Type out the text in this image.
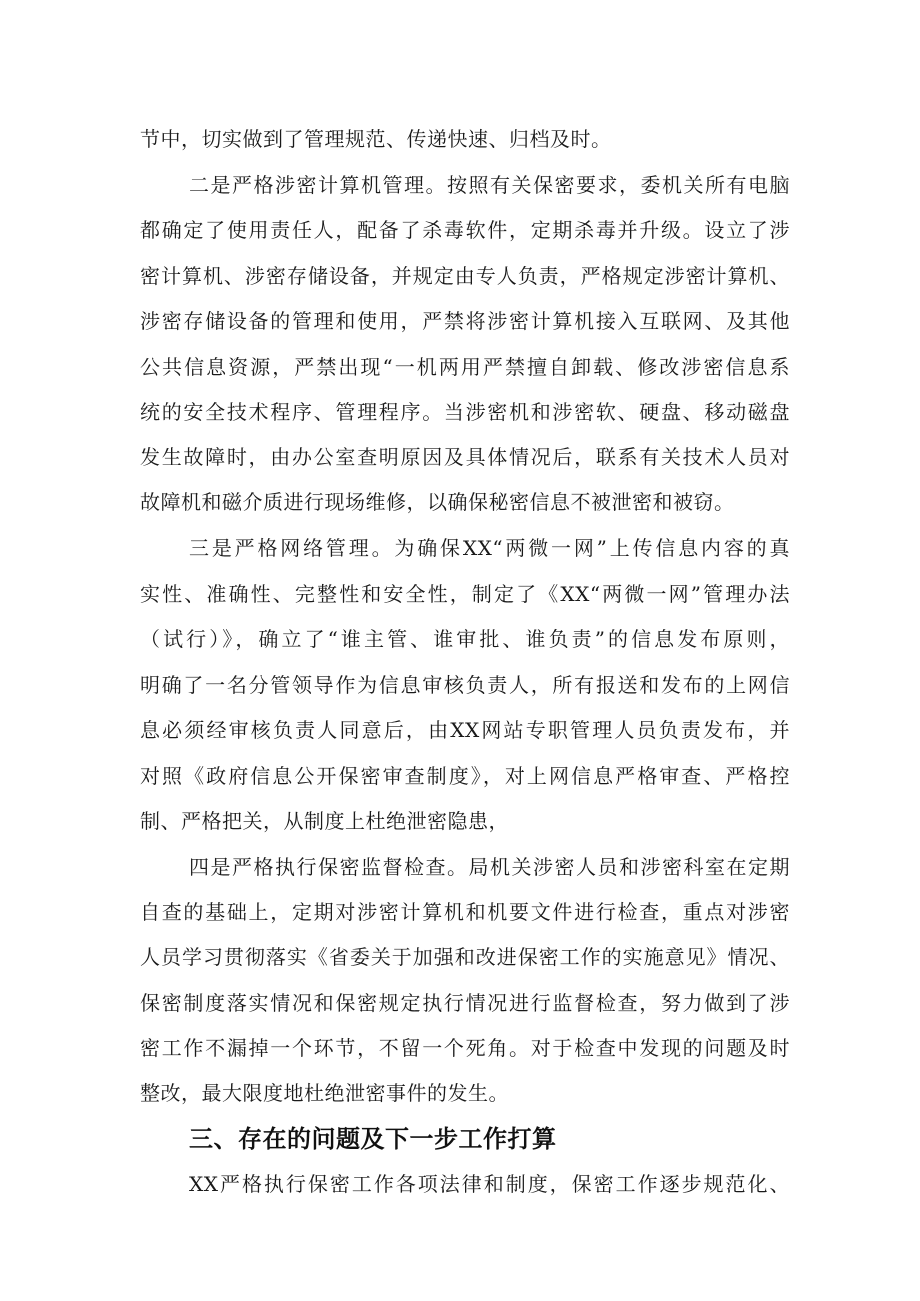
节中，切实做到了管理规范、传递快速、归档及时。

二是严格涉密计算机管理。按照有关保密要求，委机关所有电脑

都确定了使用责任人，配备了杀毒软件，定期杀毒并升级。设立了涉

密计算机、涉密存储设备，并规定由专人负责，严格规定涉密计算机、

涉密存储设备的管理和使用，严禁将涉密计算机接入互联网、及其他

公共信息资源，严禁出现“一机两用严禁擅自卸载、修改涉密信息系

统的安全技术程序、管理程序。当涉密机和涉密软、硬盘、移动磁盘

发生故障时，由办公室查明原因及具体情况后，联系有关技术人员对

故障机和磁介质进行现场维修，以确保秘密信息不被泄密和被窃。

三是严格网络管理。为确保XX“两微一网”上传信息内容的真

实性、准确性、完整性和安全性，制定了《XX“两微一网”管理办法

（试行）》，确立了“谁主管、谁审批、谁负责”的信息发布原则，

明确了一名分管领导作为信息审核负责人，所有报送和发布的上网信

息必须经审核负责人同意后，由XX网站专职管理人员负责发布，并

对照《政府信息公开保密审查制度》，对上网信息严格审查、严格控

制、严格把关，从制度上杜绝泄密隐患，

四是严格执行保密监督检查。局机关涉密人员和涉密科室在定期

自查的基础上，定期对涉密计算机和机要文件进行检查，重点对涉密

人员学习贯彻落实《省委关于加强和改进保密工作的实施意见》情况、

保密制度落实情况和保密规定执行情况进行监督检查，努力做到了涉

密工作不漏掉一个环节，不留一个死角。对于检查中发现的问题及时

整改，最大限度地杜绝泄密事件的发生。

三、存在的问题及下一步工作打算

XX严格执行保密工作各项法律和制度，保密工作逐步规范化、
